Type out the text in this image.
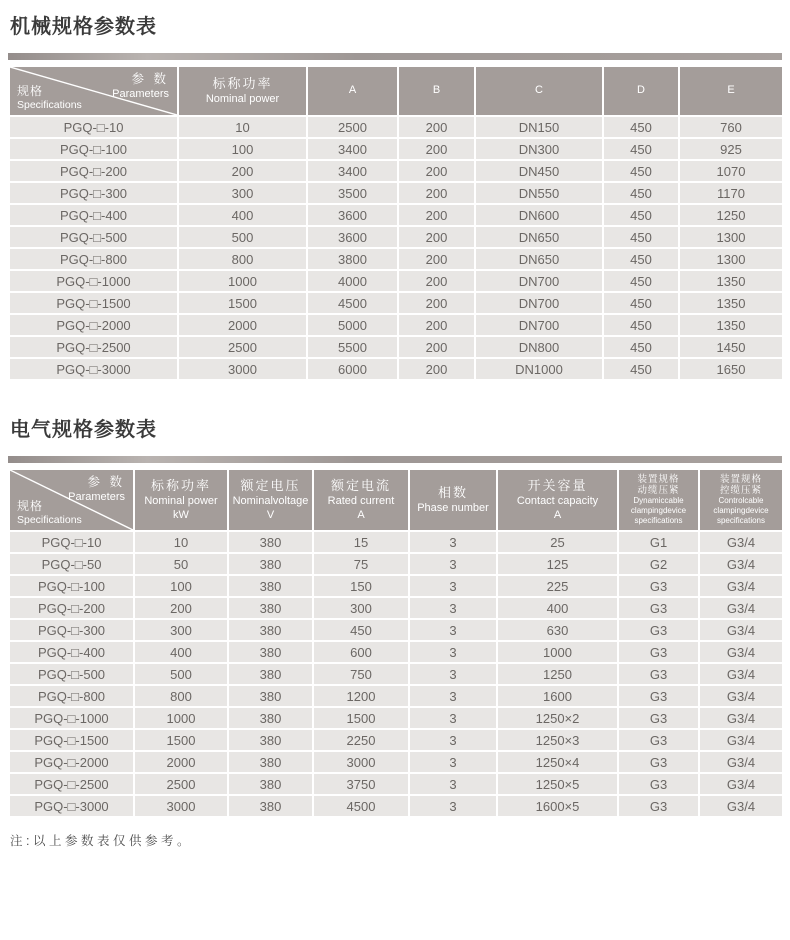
机械规格参数表
参 数
Parameters
规格
Specifications

标称功率
Nominal power

A	B	C	D	E

PGQ-□-10	10	2500	200	DN150	450	760
PGQ-□-100	100	3400	200	DN300	450	925
PGQ-□-200	200	3400	200	DN450	450	1070
PGQ-□-300	300	3500	200	DN550	450	1170
PGQ-□-400	400	3600	200	DN600	450	1250
PGQ-□-500	500	3600	200	DN650	450	1300
PGQ-□-800	800	3800	200	DN650	450	1300
PGQ-□-1000	1000	4000	200	DN700	450	1350
PGQ-□-1500	1500	4500	200	DN700	450	1350
PGQ-□-2000	2000	5000	200	DN700	450	1350
PGQ-□-2500	2500	5500	200	DN800	450	1450
PGQ-□-3000	3000	6000	200	DN1000	450	1650
电气规格参数表
参 数
Parameters
规格
Specifications

标称功率
Nominal power
kW

额定电压
Nominalvoltage
V

额定电流
Rated current
A

相数
Phase number

开关容量
Contact capacity
A

装置规格
动缆压紧
Dynamiccable
clampingdevice
specifications

装置规格
控缆压紧
Controlcable
clampingdevice
specifications

PGQ-□-10	10	380	15	3	25	G1	G3/4
PGQ-□-50	50	380	75	3	125	G2	G3/4
PGQ-□-100	100	380	150	3	225	G3	G3/4
PGQ-□-200	200	380	300	3	400	G3	G3/4
PGQ-□-300	300	380	450	3	630	G3	G3/4
PGQ-□-400	400	380	600	3	1000	G3	G3/4
PGQ-□-500	500	380	750	3	1250	G3	G3/4
PGQ-□-800	800	380	1200	3	1600	G3	G3/4
PGQ-□-1000	1000	380	1500	3	1250×2	G3	G3/4
PGQ-□-1500	1500	380	2250	3	1250×3	G3	G3/4
PGQ-□-2000	2000	380	3000	3	1250×4	G3	G3/4
PGQ-□-2500	2500	380	3750	3	1250×5	G3	G3/4
PGQ-□-3000	3000	380	4500	3	1600×5	G3	G3/4

注:以上参数表仅供参考。
